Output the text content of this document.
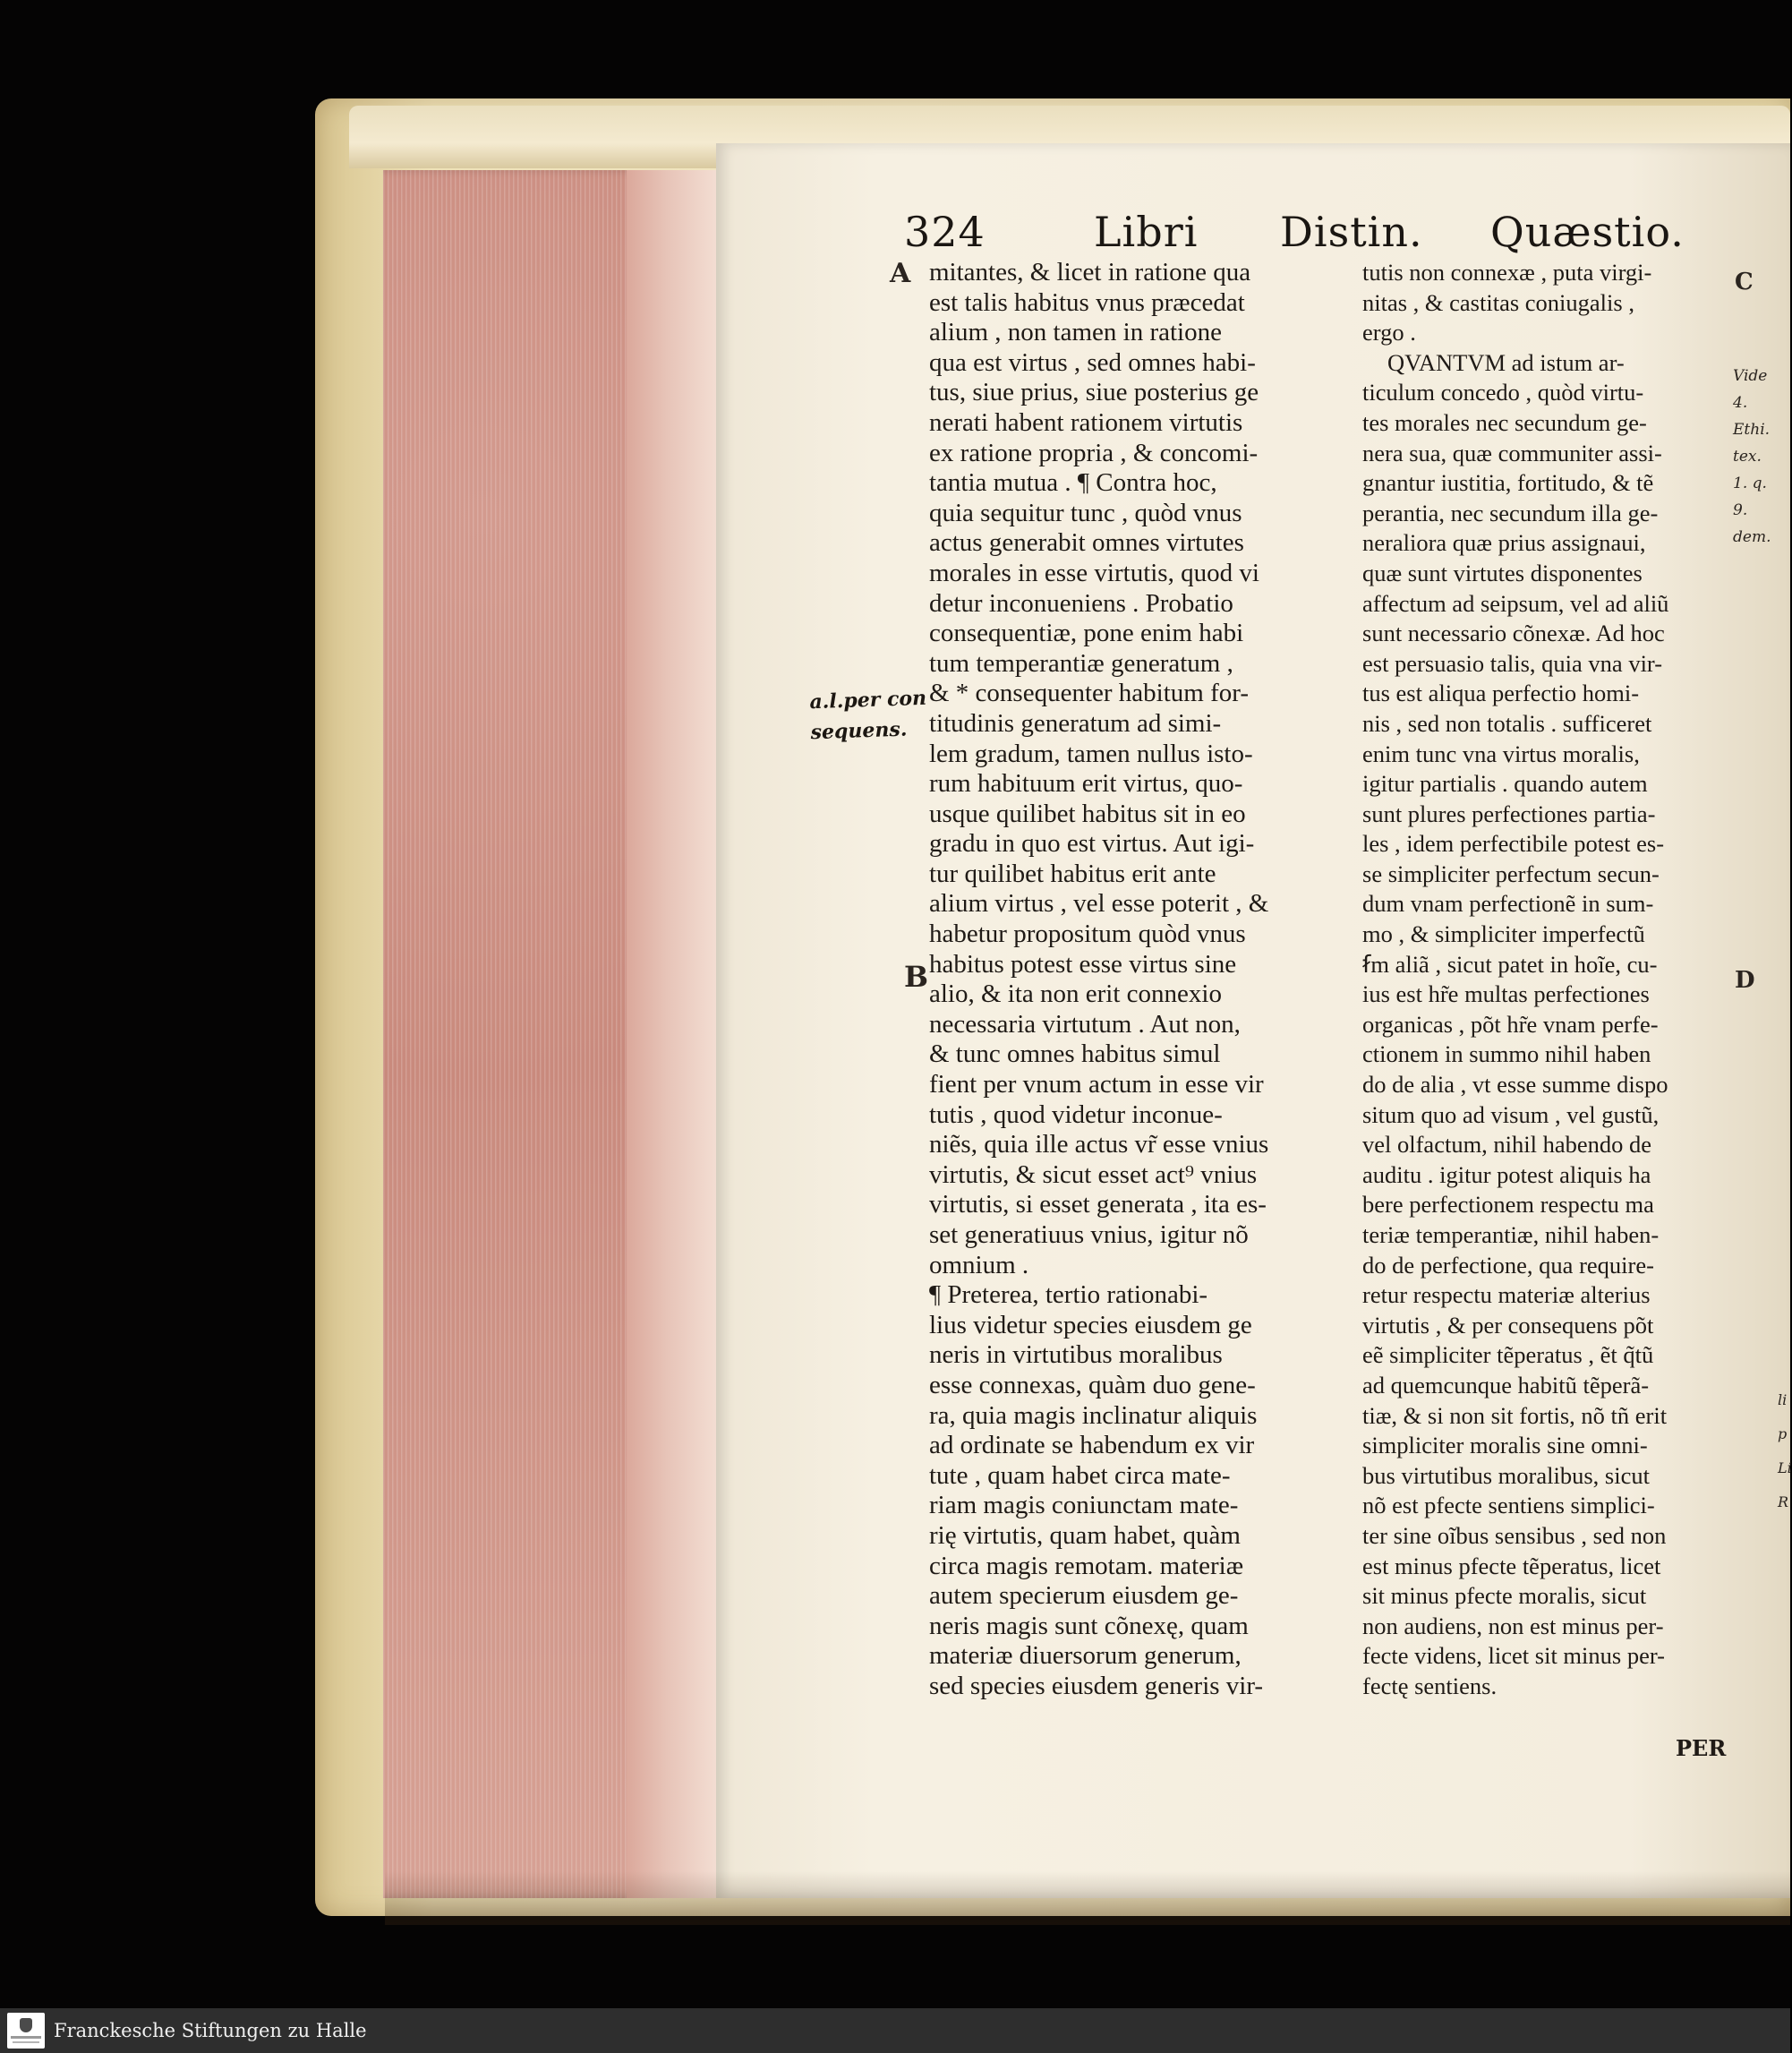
324	Libri Distin. Quæstio.
A
B
C
D
a.l.per con
sequens.
mitantes, & licet in ratione qua
est talis habitus vnus præcedat
alium , non tamen in ratione
qua est virtus , sed omnes habi-
tus, siue prius, siue posterius ge
nerati habent rationem virtutis
ex ratione propria , & concomi-
tantia mutua . ¶ Contra hoc,
quia sequitur tunc , quòd vnus
actus generabit omnes virtutes
morales in esse virtutis, quod vi
detur inconueniens . Probatio
consequentiæ, pone enim habi
tum temperantiæ generatum ,
& * consequenter habitum for-
titudinis generatum ad simi-
lem gradum, tamen nullus isto-
rum habituum erit virtus, quo-
usque quilibet habitus sit in eo
gradu in quo est virtus. Aut igi-
tur quilibet habitus erit ante
alium virtus , vel esse poterit , &
habetur propositum quòd vnus
habitus potest esse virtus sine
alio, & ita non erit connexio
necessaria virtutum . Aut non,
& tunc omnes habitus simul
fient per vnum actum in esse vir
tutis , quod videtur inconue-
niẽs, quia ille actus vr̃ esse vnius
virtutis, & sicut esset act⁹ vnius
virtutis, si esset generata , ita es-
set generatiuus vnius, igitur nõ
omnium .
¶ Preterea, tertio rationabi-
lius videtur species eiusdem ge
neris in virtutibus moralibus
esse connexas, quàm duo gene-
ra, quia magis inclinatur aliquis
ad ordinate se habendum ex vir
tute , quam habet circa mate-
riam magis coniunctam mate-
rię virtutis, quam habet, quàm
circa magis remotam. materiæ
autem specierum eiusdem ge-
neris magis sunt cõnexę, quam
materiæ diuersorum generum,
sed species eiusdem generis vir-
tutis non connexæ , puta virgi-
nitas , & castitas coniugalis ,
ergo .
QVANTVM ad istum ar-
ticulum concedo , quòd virtu-
tes morales nec secundum ge-
nera sua, quæ communiter assi-
gnantur iustitia, fortitudo, & tẽ
perantia, nec secundum illa ge-
neraliora quæ prius assignaui,
quæ sunt virtutes disponentes
affectum ad seipsum, vel ad aliũ
sunt necessario cõnexæ. Ad hoc
est persuasio talis, quia vna vir-
tus est aliqua perfectio homi-
nis , sed non totalis . sufficeret
enim tunc vna virtus moralis,
igitur partialis . quando autem
sunt plures perfectiones partia-
les , idem perfectibile potest es-
se simpliciter perfectum secun-
dum vnam perfectionẽ in sum-
mo , & simpliciter imperfectũ
ẜm aliã , sicut patet in hoĩe, cu-
ius est hr̃e multas perfectiones
organicas , põt hr̃e vnam perfe-
ctionem in summo nihil haben
do de alia , vt esse summe dispo
situm quo ad visum , vel gustũ,
vel olfactum, nihil habendo de
auditu . igitur potest aliquis ha
bere perfectionem respectu ma
teriæ temperantiæ, nihil haben-
do de perfectione, qua require-
retur respectu materiæ alterius
virtutis , & per consequens põt
eẽ simpliciter tẽperatus , ẽt q̃tũ
ad quemcunque habitũ tẽperã-
tiæ, & si non sit fortis, nõ tñ erit
simpliciter moralis sine omni-
bus virtutibus moralibus, sicut
nõ est pfecte sentiens simplici-
ter sine oĩbus sensibus , sed non
est minus pfecte tẽperatus, licet
sit minus pfecte moralis, sicut
non audiens, non est minus per-
fecte videns, licet sit minus per-
fectę sentiens.
Vide
4.
Ethi.
tex.
1. q.
9.
dem.
li
p
Li
R
PER
Franckesche Stiftungen zu Halle
